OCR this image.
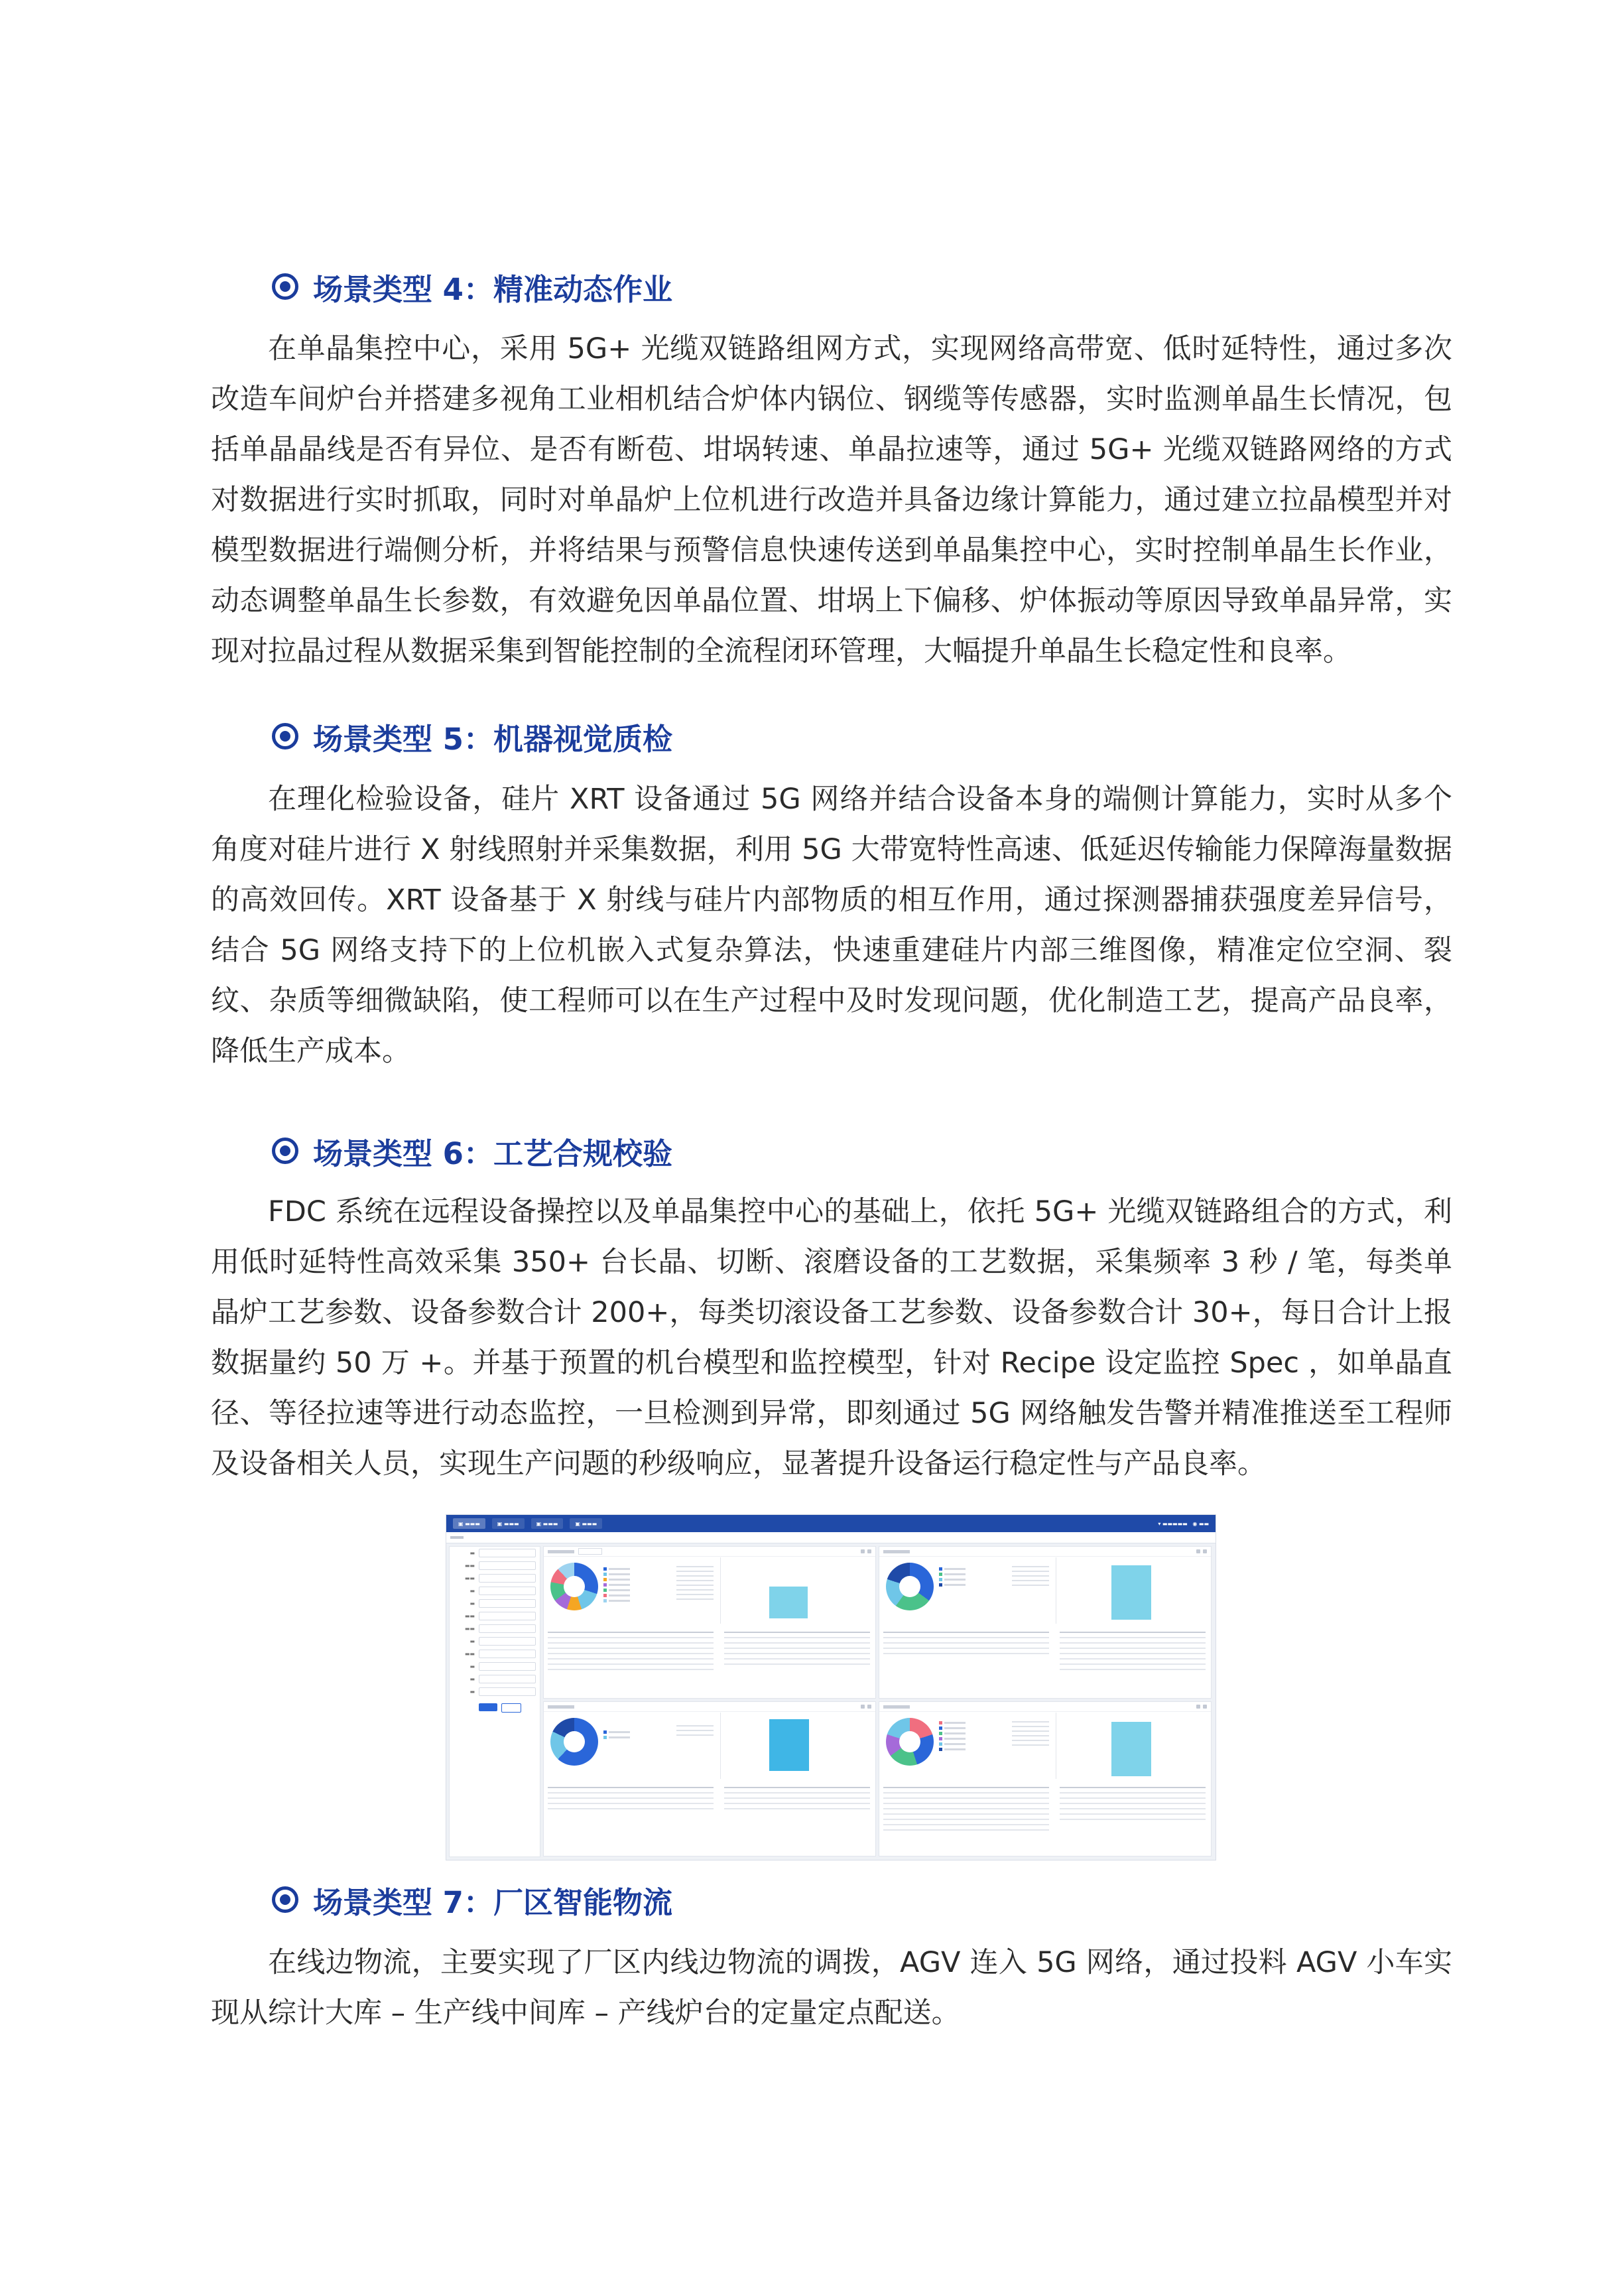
场景类型 4：精准动态作业

在单晶集控中心，采用 5G+ 光缆双链路组网方式，实现网络高带宽、低时延特性，通过多次改造车间炉台并搭建多视角工业相机结合炉体内锅位、钢缆等传感器，实时监测单晶生长情况，包括单晶晶线是否有异位、是否有断苞、坩埚转速、单晶拉速等，通过 5G+ 光缆双链路网络的方式对数据进行实时抓取，同时对单晶炉上位机进行改造并具备边缘计算能力，通过建立拉晶模型并对模型数据进行端侧分析，并将结果与预警信息快速传送到单晶集控中心，实时控制单晶生长作业，动态调整单晶生长参数，有效避免因单晶位置、坩埚上下偏移、炉体振动等原因导致单晶异常，实现对拉晶过程从数据采集到智能控制的全流程闭环管理，大幅提升单晶生长稳定性和良率。

场景类型 5：机器视觉质检

在理化检验设备，硅片 XRT 设备通过 5G 网络并结合设备本身的端侧计算能力，实时从多个角度对硅片进行 X 射线照射并采集数据，利用 5G 大带宽特性高速、低延迟传输能力保障海量数据的高效回传。XRT 设备基于 X 射线与硅片内部物质的相互作用，通过探测器捕获强度差异信号，结合 5G 网络支持下的上位机嵌入式复杂算法，快速重建硅片内部三维图像，精准定位空洞、裂纹、杂质等细微缺陷，使工程师可以在生产过程中及时发现问题，优化制造工艺，提高产品良率，降低生产成本。

场景类型 6：工艺合规校验

FDC 系统在远程设备操控以及单晶集控中心的基础上，依托 5G+ 光缆双链路组合的方式，利用低时延特性高效采集 350+ 台长晶、切断、滚磨设备的工艺数据，采集频率 3 秒 / 笔，每类单晶炉工艺参数、设备参数合计 200+，每类切滚设备工艺参数、设备参数合计 30+，每日合计上报数据量约 50 万 +。并基于预置的机台模型和监控模型，针对 Recipe 设定监控 Spec ，如单晶直径、等径拉速等进行动态监控，一旦检测到异常，即刻通过 5G 网络触发告警并精准推送至工程师及设备相关人员，实现生产问题的秒级响应，显著提升设备运行稳定性与产品良率。

▣ ▬▬▬	▣ ▬▬▬	▣ ▬▬▬	▣ ▬▬▬	▾ ▬▬▬▬▬   ◉ ▬▬
▬
▬▬
▬▬
▬
▬
▬▬
▬▬
▬
▬▬
▬
▬
▬
场景类型 7：厂区智能物流

在线边物流，主要实现了厂区内线边物流的调拨，AGV 连入 5G 网络，通过投料 AGV 小车实现从综计大库 – 生产线中间库 – 产线炉台的定量定点配送。
